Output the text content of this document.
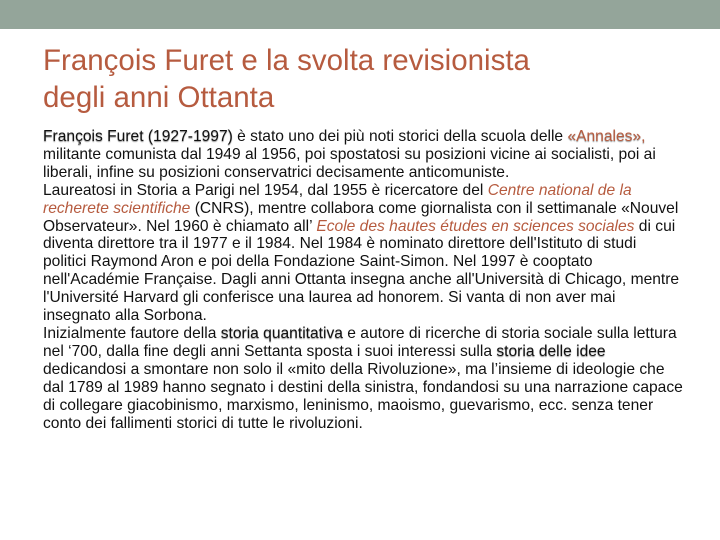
François Furet e la svolta revisionista
degli anni Ottanta

François Furet (1927-1997) è stato uno dei più noti storici della scuola delle «Annales», militante comunista dal 1949 al 1956, poi spostatosi su posizioni vicine ai socialisti, poi ai liberali, infine su posizioni conservatrici decisamente anticomuniste.

Laureatosi in Storia a Parigi nel 1954, dal 1955 è ricercatore del Centre national de la recherete scientifiche (CNRS), mentre collabora come giornalista con il settimanale «Nouvel Observateur». Nel 1960 è chiamato all’ Ecole des hautes études en sciences sociales di cui diventa direttore tra il 1977 e il 1984. Nel 1984 è nominato direttore dell'Istituto di studi politici Raymond Aron e poi della Fondazione Saint-Simon. Nel 1997 è cooptato nell'Académie Française. Dagli anni Ottanta insegna anche all'Università di Chicago, mentre l'Université Harvard gli conferisce una laurea ad honorem. Si vanta di non aver mai insegnato alla Sorbona.

Inizialmente fautore della storia quantitativa e autore di ricerche di storia sociale sulla lettura nel ‘700, dalla fine degli anni Settanta sposta i suoi interessi sulla storia delle idee dedicandosi a smontare non solo il «mito della Rivoluzione», ma l’insieme di ideologie che dal 1789 al 1989 hanno segnato i destini della sinistra, fondandosi su una narrazione capace di collegare giacobinismo, marxismo, leninismo, maoismo, guevarismo, ecc. senza tener conto dei fallimenti storici di tutte le rivoluzioni.
